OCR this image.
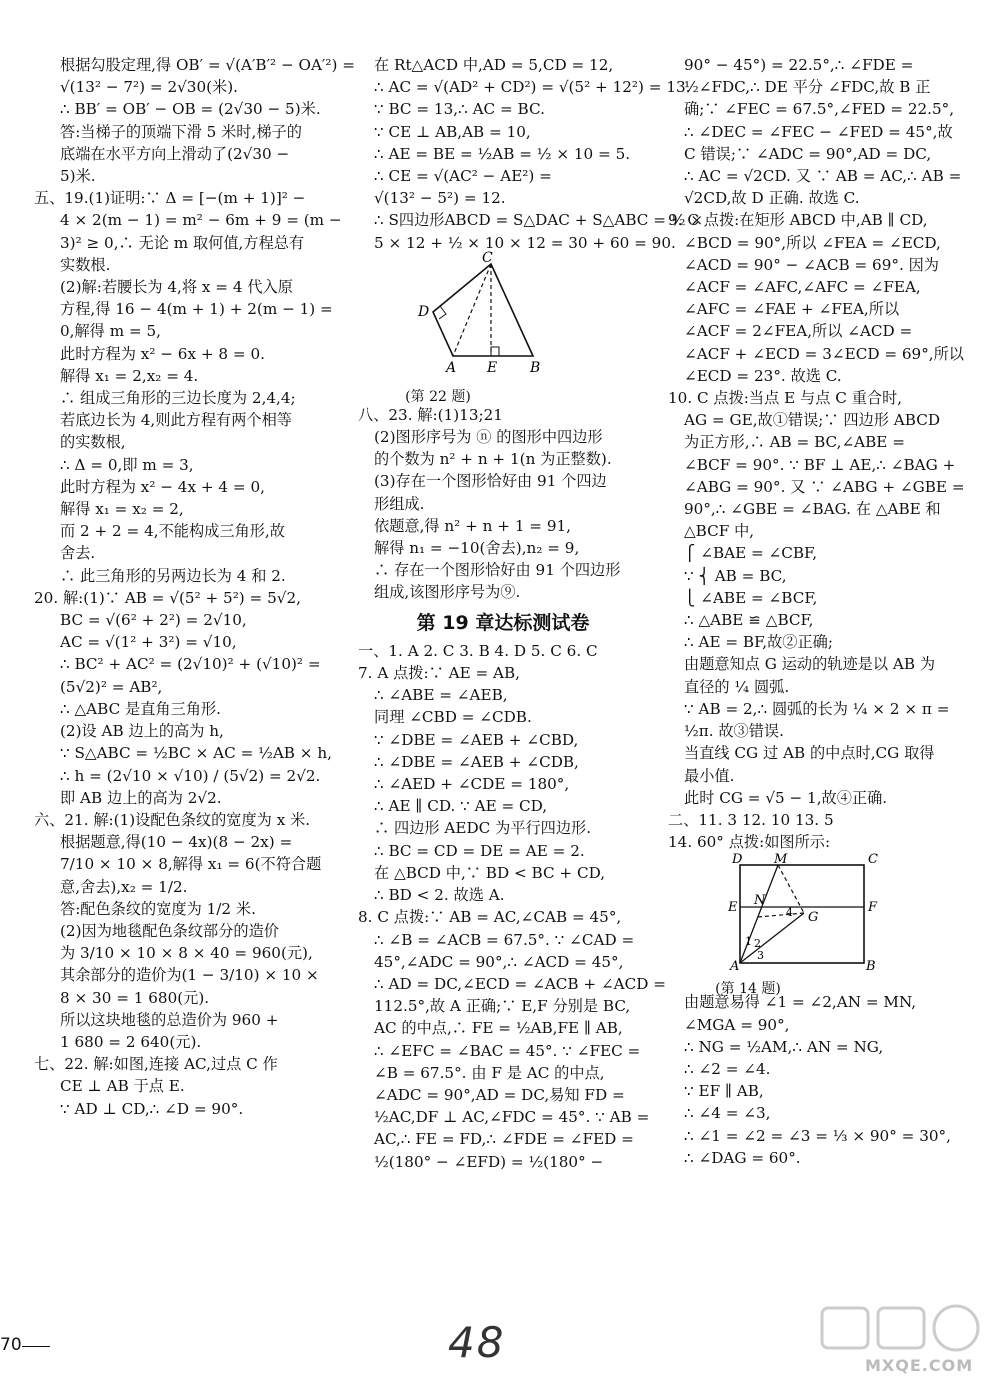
根据勾股定理,得 OB′ = √(A′B′² − OA′²) =
√(13² − 7²) = 2√30(米).
∴ BB′ = OB′ − OB = (2√30 − 5)米.
答:当梯子的顶端下滑 5 米时,梯子的
底端在水平方向上滑动了(2√30 −
5)米.
五、19.(1)证明:∵ Δ = [−(m + 1)]² −
4 × 2(m − 1) = m² − 6m + 9 = (m −
3)² ≥ 0,∴ 无论 m 取何值,方程总有
实数根.
(2)解:若腰长为 4,将 x = 4 代入原
方程,得 16 − 4(m + 1) + 2(m − 1) =
0,解得 m = 5,
此时方程为 x² − 6x + 8 = 0.
解得 x₁ = 2,x₂ = 4.
∴ 组成三角形的三边长度为 2,4,4;
若底边长为 4,则此方程有两个相等
的实数根,
∴ Δ = 0,即 m = 3,
此时方程为 x² − 4x + 4 = 0,
解得 x₁ = x₂ = 2,
而 2 + 2 = 4,不能构成三角形,故
舍去.
∴ 此三角形的另两边长为 4 和 2.
20. 解:(1)∵ AB = √(5² + 5²) = 5√2,
BC = √(6² + 2²) = 2√10,
AC = √(1² + 3²) = √10,
∴ BC² + AC² = (2√10)² + (√10)² =
(5√2)² = AB²,
∴ △ABC 是直角三角形.
(2)设 AB 边上的高为 h,
∵ S△ABC = ½BC × AC = ½AB × h,
∴ h = (2√10 × √10) / (5√2) = 2√2.
即 AB 边上的高为 2√2.
六、21. 解:(1)设配色条纹的宽度为 x 米.
根据题意,得(10 − 4x)(8 − 2x) =
7/10 × 10 × 8,解得 x₁ = 6(不符合题
意,舍去),x₂ = 1/2.
答:配色条纹的宽度为 1/2 米.
(2)因为地毯配色条纹部分的造价
为 3/10 × 10 × 8 × 40 = 960(元),
其余部分的造价为(1 − 3/10) × 10 ×
8 × 30 = 1 680(元).
所以这块地毯的总造价为 960 +
1 680 = 2 640(元).
七、22. 解:如图,连接 AC,过点 C 作
CE ⊥ AB 于点 E.
∵ AD ⊥ CD,∴ ∠D = 90°.
在 Rt△ACD 中,AD = 5,CD = 12,
∴ AC = √(AD² + CD²) = √(5² + 12²) = 13.
∵ BC = 13,∴ AC = BC.
∵ CE ⊥ AB,AB = 10,
∴ AE = BE = ½AB = ½ × 10 = 5.
∴ CE = √(AC² − AE²) =
√(13² − 5²) = 12.
∴ S四边形ABCD = S△DAC + S△ABC = ½ ×
5 × 12 + ½ × 10 × 12 = 30 + 60 = 90.
C
D
A E B
(第 22 题)
八、23. 解:(1)13;21
(2)图形序号为 ⓝ 的图形中四边形
的个数为 n² + n + 1(n 为正整数).
(3)存在一个图形恰好由 91 个四边
形组成.
依题意,得 n² + n + 1 = 91,
解得 n₁ = −10(舍去),n₂ = 9,
∴ 存在一个图形恰好由 91 个四边形
组成,该图形序号为⑨.
第 19 章达标测试卷
一、1. A 2. C 3. B 4. D 5. C 6. C
7. A 点拨:∵ AE = AB,
∴ ∠ABE = ∠AEB,
同理 ∠CBD = ∠CDB.
∵ ∠DBE = ∠AEB + ∠CBD,
∴ ∠DBE = ∠AEB + ∠CDB,
∴ ∠AED + ∠CDE = 180°,
∴ AE ∥ CD. ∵ AE = CD,
∴ 四边形 AEDC 为平行四边形.
∴ BC = CD = DE = AE = 2.
在 △BCD 中,∵ BD < BC + CD,
∴ BD < 2. 故选 A.
8. C 点拨:∵ AB = AC,∠CAB = 45°,
∴ ∠B = ∠ACB = 67.5°. ∵ ∠CAD =
45°,∠ADC = 90°,∴ ∠ACD = 45°,
∴ AD = DC,∠ECD = ∠ACB + ∠ACD =
112.5°,故 A 正确;∵ E,F 分别是 BC,
AC 的中点,∴ FE = ½AB,FE ∥ AB,
∴ ∠EFC = ∠BAC = 45°. ∵ ∠FEC =
∠B = 67.5°. 由 F 是 AC 的中点,
∠ADC = 90°,AD = DC,易知 FD =
½AC,DF ⊥ AC,∠FDC = 45°. ∵ AB =
AC,∴ FE = FD,∴ ∠FDE = ∠FED =
½(180° − ∠EFD) = ½(180° −
90° − 45°) = 22.5°,∴ ∠FDE =
½∠FDC,∴ DE 平分 ∠FDC,故 B 正
确;∵ ∠FEC = 67.5°,∠FED = 22.5°,
∴ ∠DEC = ∠FEC − ∠FED = 45°,故
C 错误;∵ ∠ADC = 90°,AD = DC,
∴ AC = √2CD. 又 ∵ AB = AC,∴ AB =
√2CD,故 D 正确. 故选 C.
9. C 点拨:在矩形 ABCD 中,AB ∥ CD,
∠BCD = 90°,所以 ∠FEA = ∠ECD,
∠ACD = 90° − ∠ACB = 69°. 因为
∠ACF = ∠AFC,∠AFC = ∠FEA,
∠AFC = ∠FAE + ∠FEA,所以
∠ACF = 2∠FEA,所以 ∠ACD =
∠ACF + ∠ECD = 3∠ECD = 69°,所以
∠ECD = 23°. 故选 C.
10. C 点拨:当点 E 与点 C 重合时,
AG = GE,故①错误;∵ 四边形 ABCD
为正方形,∴ AB = BC,∠ABE =
∠BCF = 90°. ∵ BF ⊥ AE,∴ ∠BAG +
∠ABG = 90°. 又 ∵ ∠ABG + ∠GBE =
90°,∴ ∠GBE = ∠BAG. 在 △ABE 和
△BCF 中,
⎧ ∠BAE = ∠CBF,
∵ ⎨ AB = BC,
⎩ ∠ABE = ∠BCF,
∴ △ABE ≌ △BCF,
∴ AE = BF,故②正确;
由题意知点 G 运动的轨迹是以 AB 为
直径的 ¼ 圆弧.
∵ AB = 2,∴ 圆弧的长为 ¼ × 2 × π =
½π. 故③错误.
当直线 CG 过 AB 的中点时,CG 取得
最小值.
此时 CG = √5 − 1,故④正确.
二、11. 3 12. 10 13. 5
14. 60° 点拨:如图所示:
D M	C
E N	F
G
4
1 2
3
A	B
(第 14 题)
由题意易得 ∠1 = ∠2,AN = MN,
∠MGA = 90°,
∴ NG = ½AM,∴ AN = NG,
∴ ∠2 = ∠4.
∵ EF ∥ AB,
∴ ∠4 = ∠3,
∴ ∠1 = ∠2 = ∠3 = ⅓ × 90° = 30°,
∴ ∠DAG = 60°.
70	48	MXQE.COM
